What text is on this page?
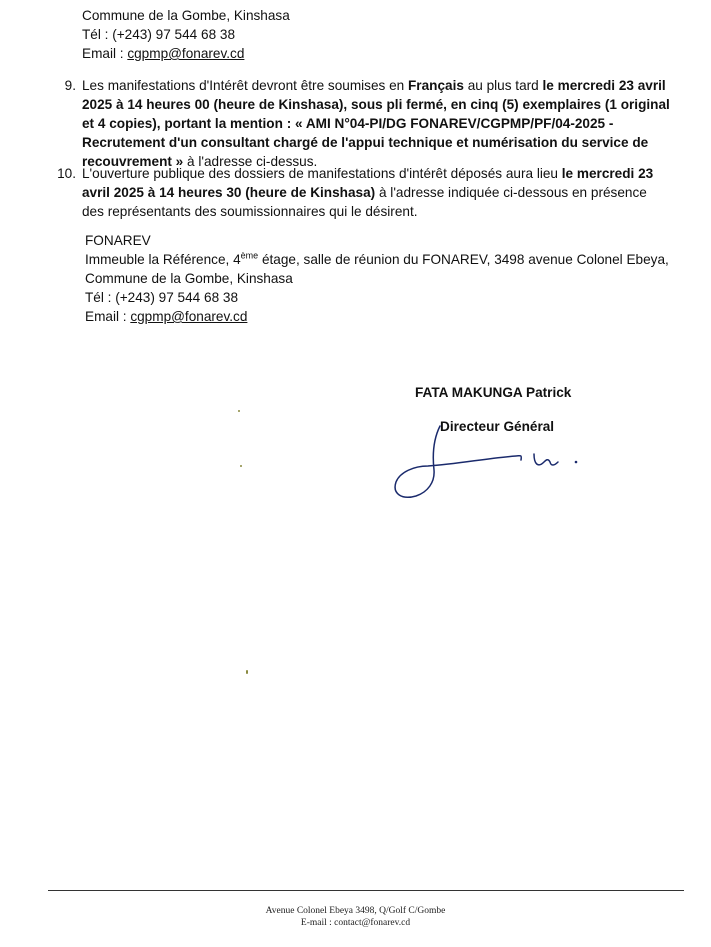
Commune de la Gombe, Kinshasa
Tél : (+243) 97 544 68 38
Email : cgpmp@fonarev.cd
9. Les manifestations d'Intérêt devront être soumises en Français au plus tard le mercredi 23 avril 2025 à 14 heures 00 (heure de Kinshasa), sous pli fermé, en cinq (5) exemplaires (1 original et 4 copies), portant la mention : « AMI N°04-PI/DG FONAREV/CGPMP/PF/04-2025 - Recrutement d'un consultant chargé de l'appui technique et numérisation du service de recouvrement » à l'adresse ci-dessus.
10. L'ouverture publique des dossiers de manifestations d'intérêt déposés aura lieu le mercredi 23 avril 2025 à 14 heures 30 (heure de Kinshasa) à l'adresse indiquée ci-dessous en présence des représentants des soumissionnaires qui le désirent.
FONAREV
Immeuble la Référence, 4ème étage, salle de réunion du FONAREV, 3498 avenue Colonel Ebeya, Commune de la Gombe, Kinshasa
Tél : (+243) 97 544 68 38
Email : cgpmp@fonarev.cd
FATA MAKUNGA Patrick
Directeur Général
Avenue Colonel Ebeya 3498, Q/Golf C/Gombe
E-mail : contact@fonarev.cd
